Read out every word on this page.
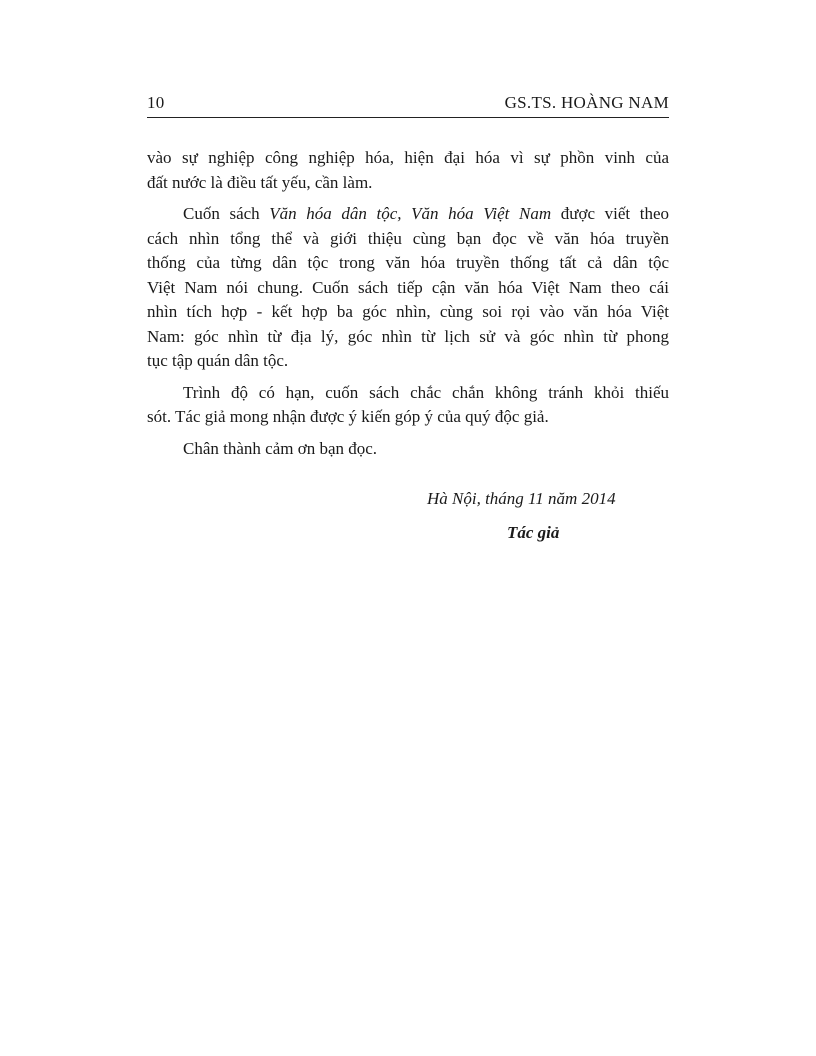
10	GS.TS. HOÀNG NAM
vào sự nghiệp công nghiệp hóa, hiện đại hóa vì sự phồn vinh của
đất nước là điều tất yếu, cần làm.
Cuốn sách Văn hóa dân tộc, Văn hóa Việt Nam được viết theo
cách nhìn tổng thể và giới thiệu cùng bạn đọc về văn hóa truyền
thống của từng dân tộc trong văn hóa truyền thống tất cả dân tộc
Việt Nam nói chung. Cuốn sách tiếp cận văn hóa Việt Nam theo cái
nhìn tích hợp - kết hợp ba góc nhìn, cùng soi rọi vào văn hóa Việt
Nam: góc nhìn từ địa lý, góc nhìn từ lịch sử và góc nhìn từ phong
tục tập quán dân tộc.
Trình độ có hạn, cuốn sách chắc chắn không tránh khỏi thiếu
sót. Tác giả mong nhận được ý kiến góp ý của quý độc giả.
Chân thành cảm ơn bạn đọc.
Hà Nội, tháng 11 năm 2014
Tác giả
